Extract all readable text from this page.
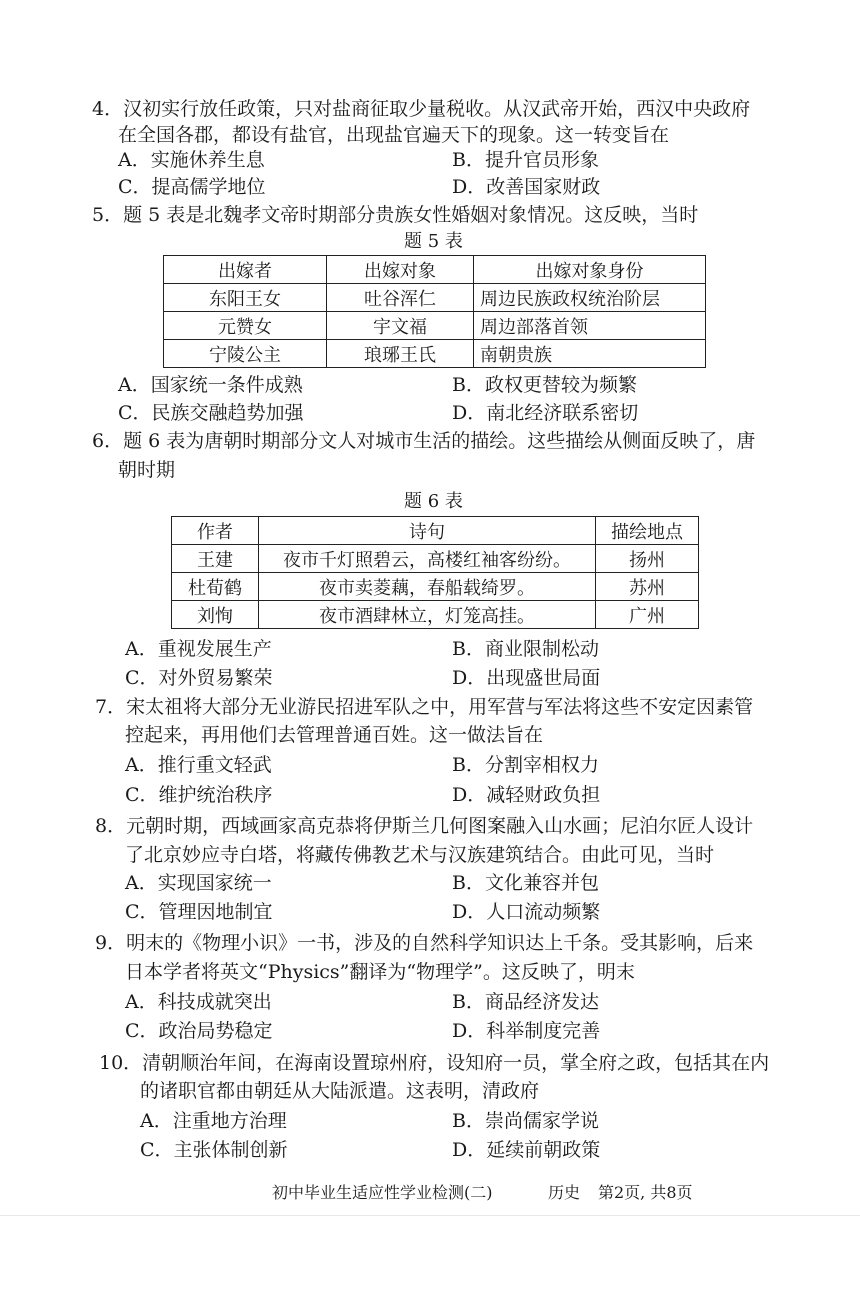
4．汉初实行放任政策，只对盐商征取少量税收。从汉武帝开始，西汉中央政府
在全国各郡，都设有盐官，出现盐官遍天下的现象。这一转变旨在
A．实施休养生息	B．提升官员形象
C．提高儒学地位	D．改善国家财政
5．题 5 表是北魏孝文帝时期部分贵族女性婚姻对象情况。这反映，当时
题 5 表
出嫁者	出嫁对象	出嫁对象身份
东阳王女	吐谷浑仁	周边民族政权统治阶层
元赞女	宇文福	周边部落首领
宁陵公主	琅琊王氏	南朝贵族
A．国家统一条件成熟	B．政权更替较为频繁
C．民族交融趋势加强	D．南北经济联系密切
6．题 6 表为唐朝时期部分文人对城市生活的描绘。这些描绘从侧面反映了，唐
朝时期
题 6 表
作者	诗句	描绘地点
王建	夜市千灯照碧云，高楼红袖客纷纷。	扬州
杜荀鹤	夜市卖菱藕，春船载绮罗。	苏州
刘恂	夜市酒肆林立，灯笼高挂。	广州
A．重视发展生产	B．商业限制松动
C．对外贸易繁荣	D．出现盛世局面
7．宋太祖将大部分无业游民招进军队之中，用军营与军法将这些不安定因素管
控起来，再用他们去管理普通百姓。这一做法旨在
A．推行重文轻武	B．分割宰相权力
C．维护统治秩序	D．减轻财政负担
8．元朝时期，西域画家高克恭将伊斯兰几何图案融入山水画；尼泊尔匠人设计
了北京妙应寺白塔，将藏传佛教艺术与汉族建筑结合。由此可见，当时
A．实现国家统一	B．文化兼容并包
C．管理因地制宜	D．人口流动频繁
9．明末的《物理小识》一书，涉及的自然科学知识达上千条。受其影响，后来
日本学者将英文“Physics”翻译为“物理学”。这反映了，明末
A．科技成就突出	B．商品经济发达
C．政治局势稳定	D．科举制度完善
10．清朝顺治年间，在海南设置琼州府，设知府一员，掌全府之政，包括其在内
的诸职官都由朝廷从大陆派遣。这表明，清政府
A．注重地方治理	B．崇尚儒家学说
C．主张体制创新	D．延续前朝政策
初中毕业生适应性学业检测(二)	历史 第2页, 共8页
